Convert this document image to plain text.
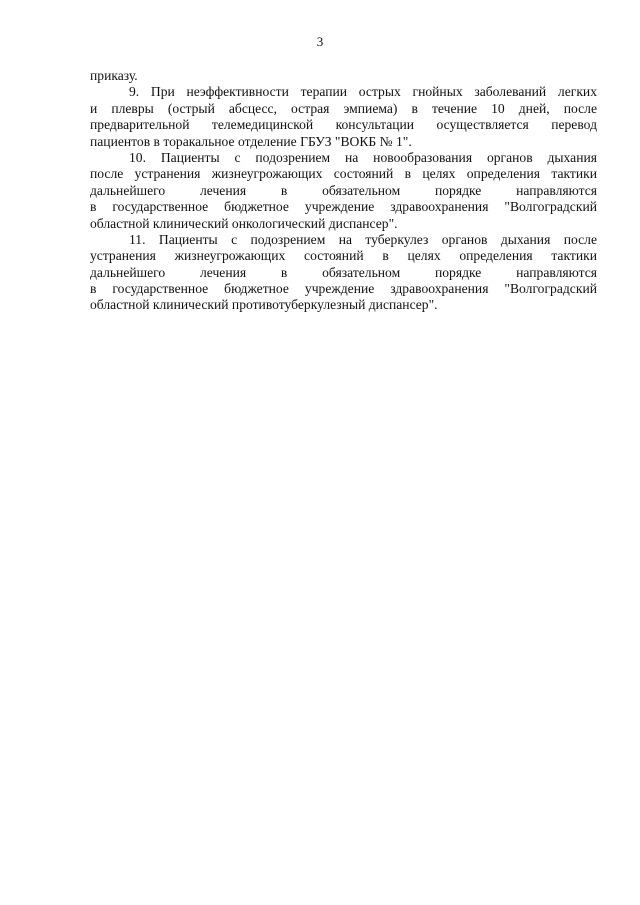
3
приказу.
9. При неэффективности терапии острых гнойных заболеваний легких
и плевры (острый абсцесс, острая эмпиема) в течение 10 дней, после
предварительной телемедицинской консультации осуществляется перевод
пациентов в торакальное отделение ГБУЗ "ВОКБ № 1".
10. Пациенты с подозрением на новообразования органов дыхания
после устранения жизнеугрожающих состояний в целях определения тактики
дальнейшего лечения в обязательном порядке направляются
в государственное бюджетное учреждение здравоохранения "Волгоградский
областной клинический онкологический диспансер".
11. Пациенты с подозрением на туберкулез органов дыхания после
устранения жизнеугрожающих состояний в целях определения тактики
дальнейшего лечения в обязательном порядке направляются
в государственное бюджетное учреждение здравоохранения "Волгоградский
областной клинический противотуберкулезный диспансер".
